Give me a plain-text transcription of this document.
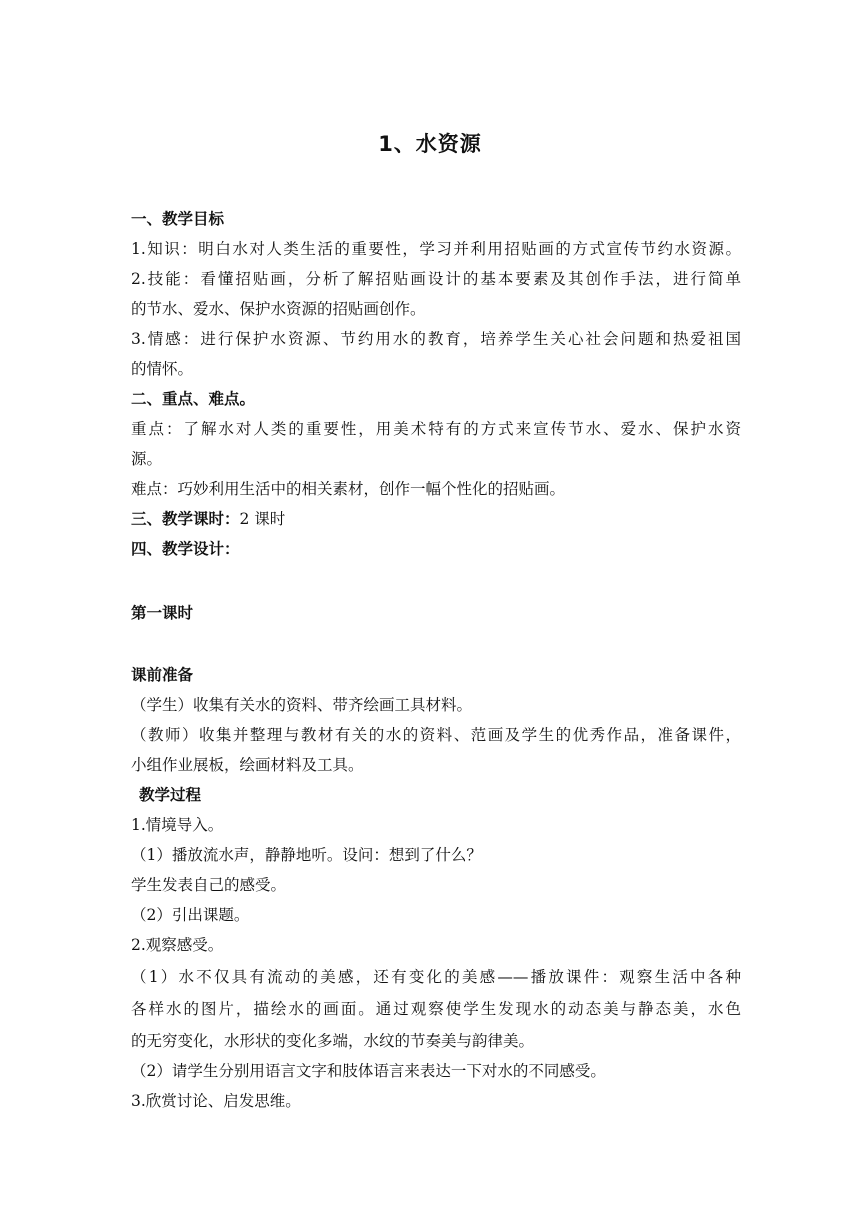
1、水资源
一、教学目标
1.知识：明白水对人类生活的重要性，学习并利用招贴画的方式宣传节约水资源。
2.技能：看懂招贴画，分析了解招贴画设计的基本要素及其创作手法，进行简单
的节水、爱水、保护水资源的招贴画创作。
3.情感：进行保护水资源、节约用水的教育，培养学生关心社会问题和热爱祖国
的情怀。
二、重点、难点。
重点：了解水对人类的重要性，用美术特有的方式来宣传节水、爱水、保护水资
源。
难点：巧妙利用生活中的相关素材，创作一幅个性化的招贴画。
三、教学课时：2 课时
四、教学设计：
第一课时
课前准备
（学生）收集有关水的资料、带齐绘画工具材料。
（教师）收集并整理与教材有关的水的资料、范画及学生的优秀作品，准备课件，
小组作业展板，绘画材料及工具。
教学过程
1.情境导入。
（1）播放流水声，静静地听。设问：想到了什么？
学生发表自己的感受。
（2）引出课题。
2.观察感受。
（1）水不仅具有流动的美感，还有变化的美感——播放课件：观察生活中各种
各样水的图片，描绘水的画面。通过观察使学生发现水的动态美与静态美，水色
的无穷变化，水形状的变化多端，水纹的节奏美与韵律美。
（2）请学生分别用语言文字和肢体语言来表达一下对水的不同感受。
3.欣赏讨论、启发思维。
